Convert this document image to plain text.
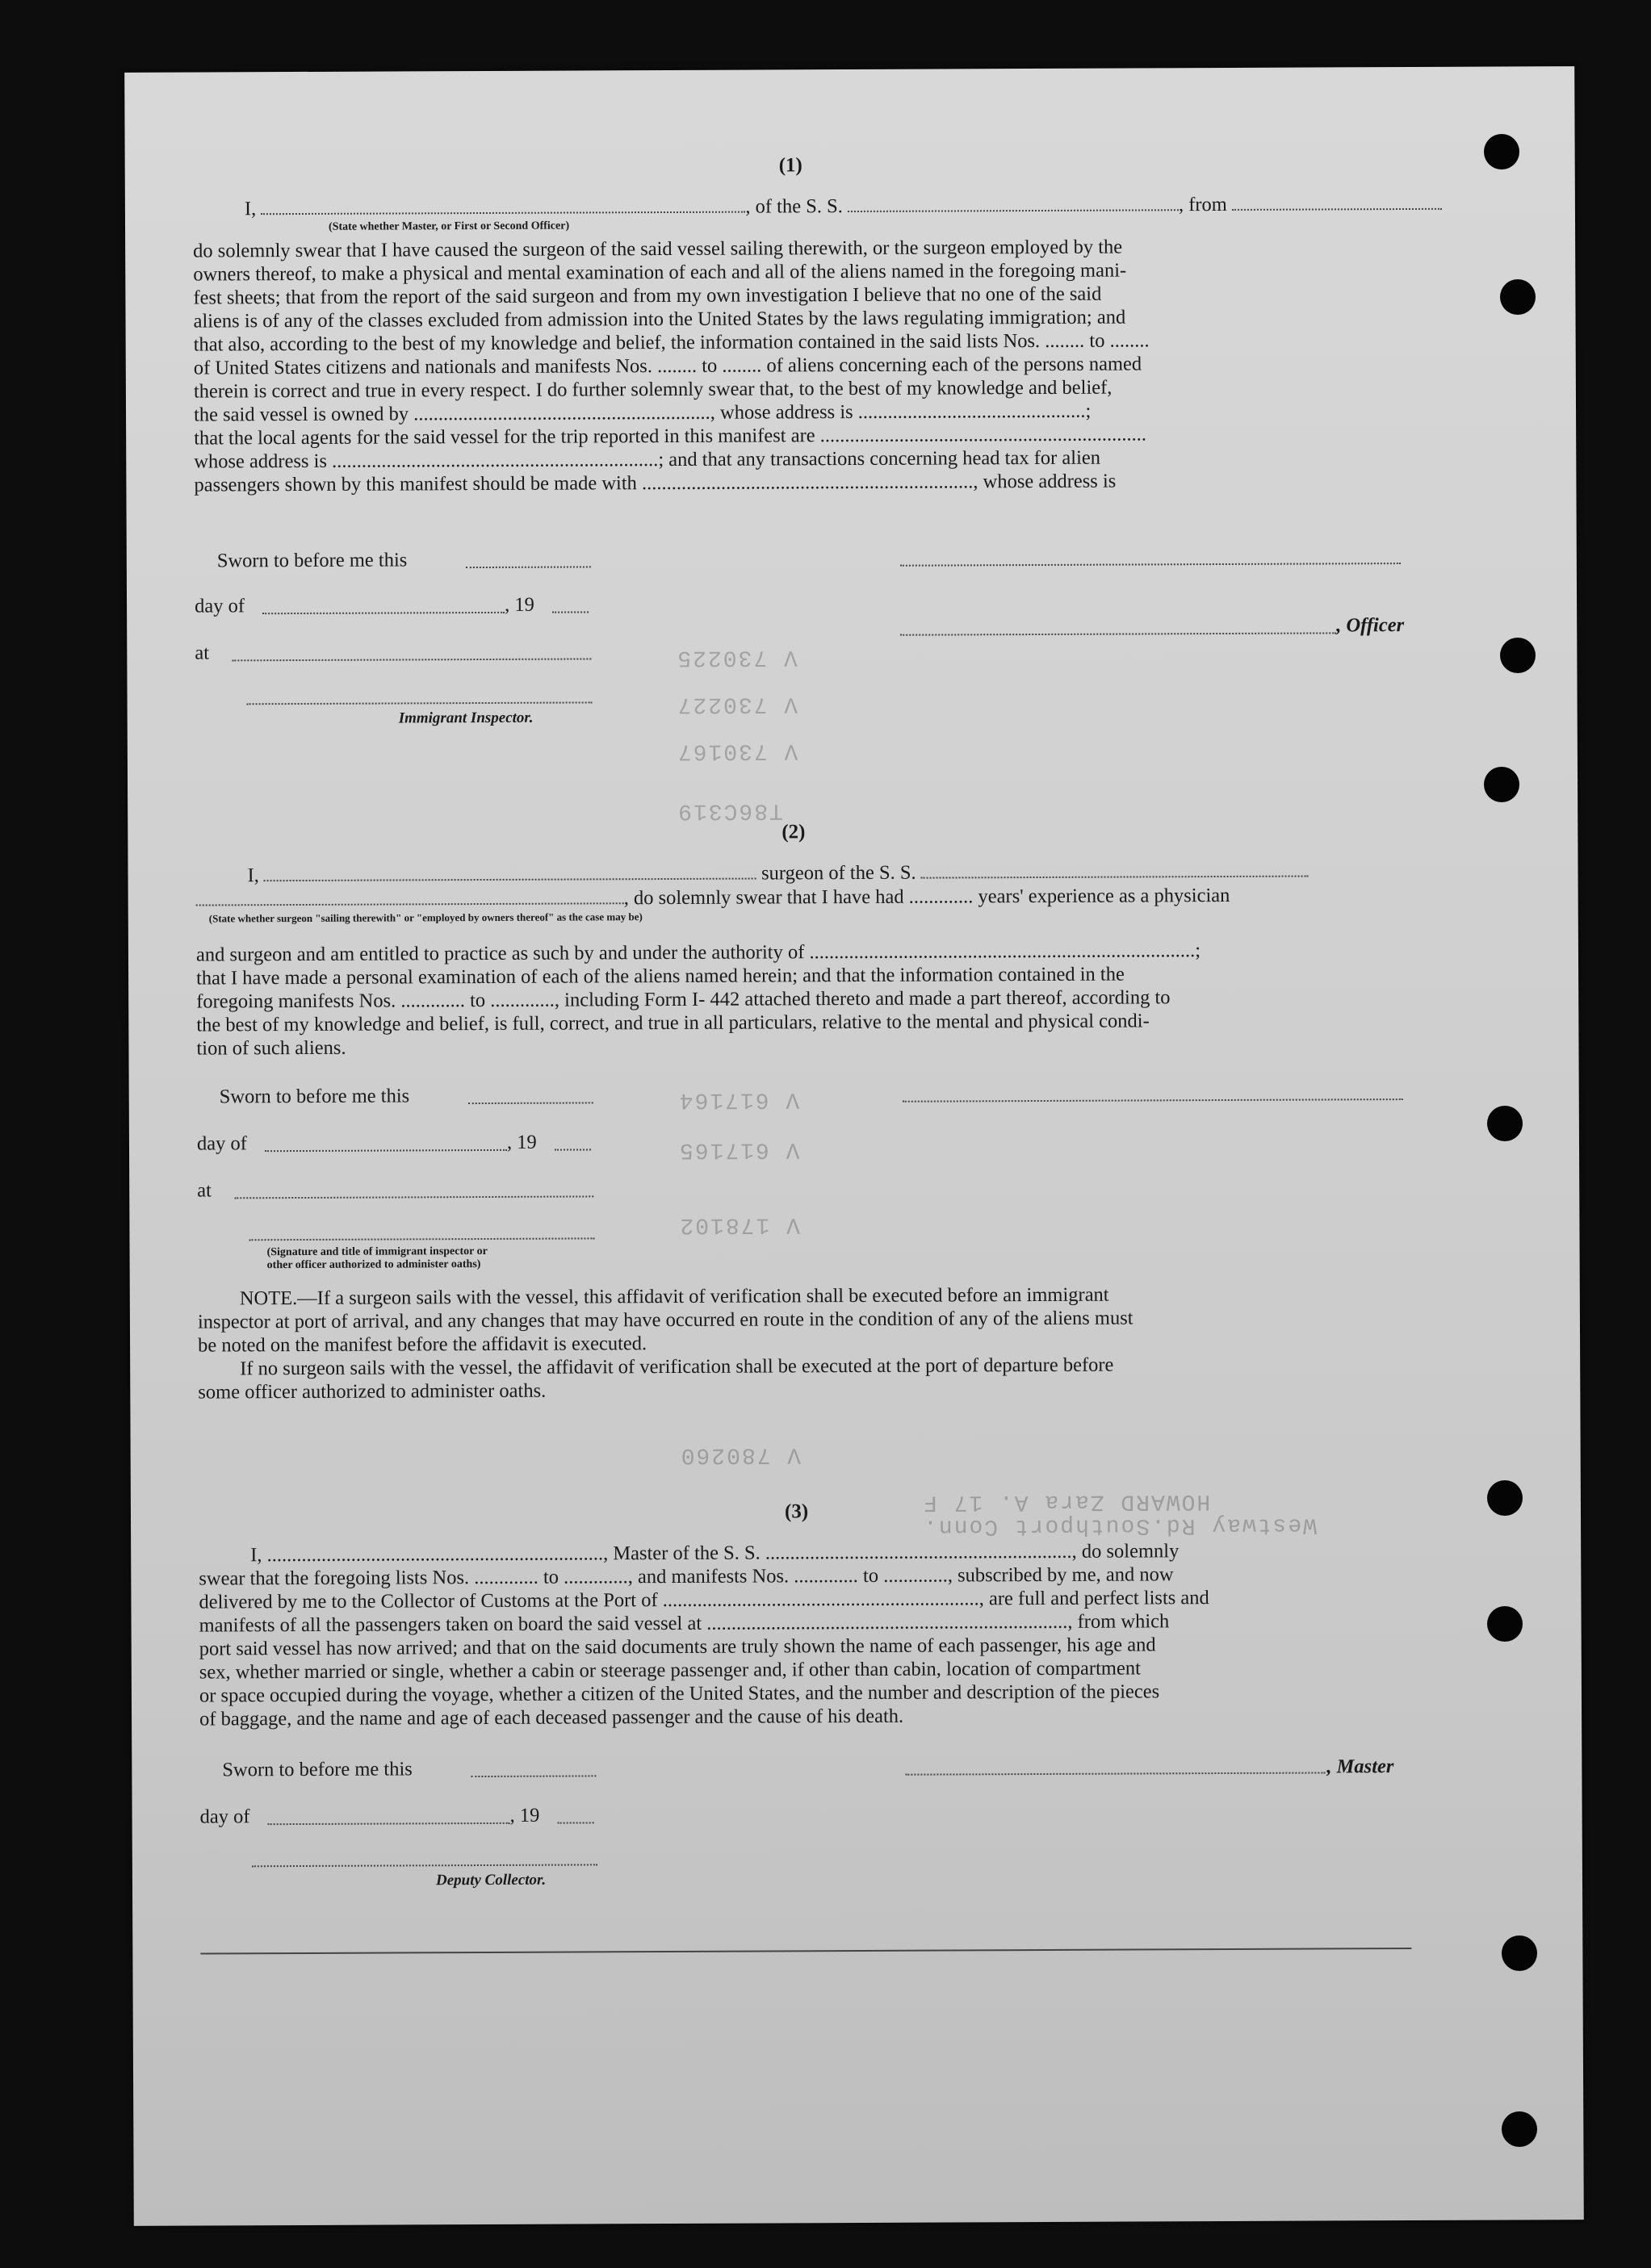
V 730225
V 730227
V 730167
T86C319
V 617164
V 617165
V 178102
V 780260
HOWARD Zara A. 17 F
Westway Rd.Southport Conn.
(1)
I,	, of the S. S.	, from
(State whether Master, or First or Second Officer)
do solemnly swear that I have caused the surgeon of the said vessel sailing therewith, or the surgeon employed by the
owners thereof, to make a physical and mental examination of each and all of the aliens named in the foregoing mani-
fest sheets; that from the report of the said surgeon and from my own investigation I believe that no one of the said
aliens is of any of the classes excluded from admission into the United States by the laws regulating immigration; and
that also, according to the best of my knowledge and belief, the information contained in the said lists Nos. ........ to ........
of United States citizens and nationals and manifests Nos. ........ to ........ of aliens concerning each of the persons named
therein is correct and true in every respect. I do further solemnly swear that, to the best of my knowledge and belief,
the said vessel is owned by ............................................................, whose address is ..............................................;
that the local agents for the said vessel for the trip reported in this manifest are ..................................................................
whose address is ..................................................................; and that any transactions concerning head tax for alien
passengers shown by this manifest should be made with ..................................................................., whose address is
Sworn to before me this
day of	, 19
, Officer
at
Immigrant Inspector.
(2)
I,	surgeon of the S. S.
, do solemnly swear that I have had ............. years' experience as a physician
(State whether surgeon "sailing therewith" or "employed by owners thereof" as the case may be)
and surgeon and am entitled to practice as such by and under the authority of ..............................................................................;
that I have made a personal examination of each of the aliens named herein; and that the information contained in the
foregoing manifests Nos. ............. to ............., including Form I- 442 attached thereto and made a part thereof, according to
the best of my knowledge and belief, is full, correct, and true in all particulars, relative to the mental and physical condi-
tion of such aliens.
Sworn to before me this
day of	, 19
at
(Signature and title of immigrant inspector or
other officer authorized to administer oaths)
NOTE.—If a surgeon sails with the vessel, this affidavit of verification shall be executed before an immigrant
inspector at port of arrival, and any changes that may have occurred en route in the condition of any of the aliens must
be noted on the manifest before the affidavit is executed.
If no surgeon sails with the vessel, the affidavit of verification shall be executed at the port of departure before
some officer authorized to administer oaths.
(3)
I, ...................................................................., Master of the S. S. .............................................................., do solemnly
swear that the foregoing lists Nos. ............. to ............., and manifests Nos. ............. to ............., subscribed by me, and now
delivered by me to the Collector of Customs at the Port of ................................................................, are full and perfect lists and
manifests of all the passengers taken on board the said vessel at ........................................................................., from which
port said vessel has now arrived; and that on the said documents are truly shown the name of each passenger, his age and
sex, whether married or single, whether a cabin or steerage passenger and, if other than cabin, location of compartment
or space occupied during the voyage, whether a citizen of the United States, and the number and description of the pieces
of baggage, and the name and age of each deceased passenger and the cause of his death.
Sworn to before me this	, Master
day of	, 19
Deputy Collector.
